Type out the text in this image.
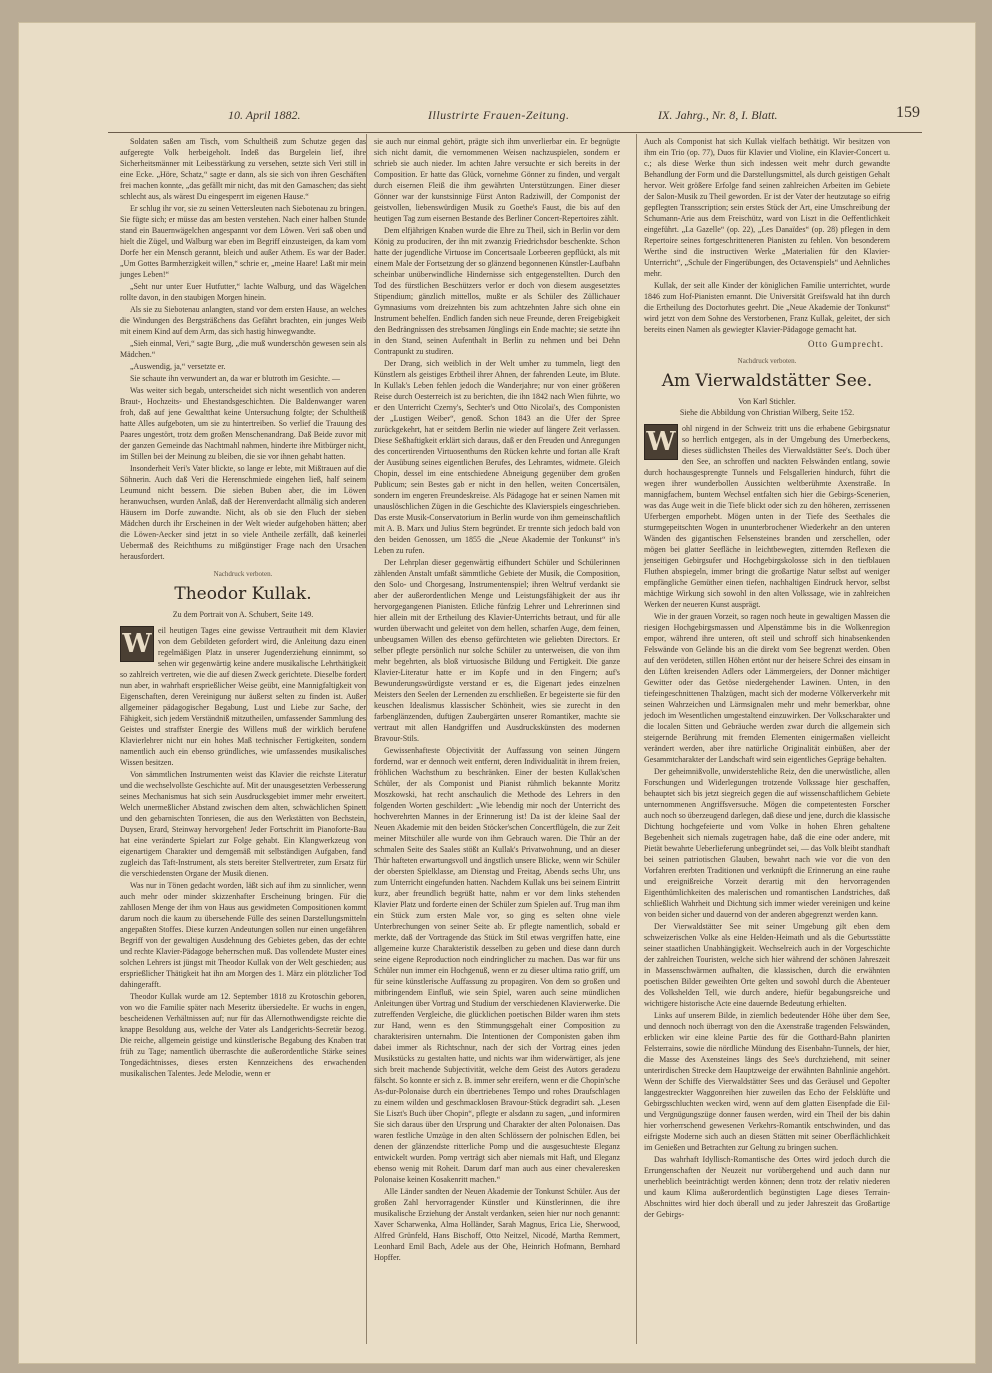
10. April 1882.	Illustrirte Frauen-Zeitung.	IX. Jahrg., Nr. 8, I. Blatt.	159

Soldaten saßen am Tisch, vom Schultheiß zum Schutze gegen das aufgeregte Volk herbeigeholt. Indeß das Burgelein lief, ihre Sicherheitsmänner mit Leibesstärkung zu versehen, setzte sich Veri still in eine Ecke. „Höre, Schatz,“ sagte er dann, als sie sich von ihren Geschäften frei machen konnte, „das gefällt mir nicht, das mit den Gamaschen; das sieht schlecht aus, als wärest Du eingesperrt im eigenen Hause.“

Er schlug ihr vor, sie zu seinen Vettersleuten nach Siebotenau zu bringen. Sie fügte sich; er müsse das am besten verstehen. Nach einer halben Stunde stand ein Bauernwägelchen angespannt vor dem Löwen. Veri saß oben und hielt die Zügel, und Walburg war eben im Begriff einzusteigen, da kam vom Dorfe her ein Mensch gerannt, bleich und außer Athem. Es war der Bader. „Um Gottes Barmherzigkeit willen,“ schrie er, „meine Haare! Laßt mir mein junges Leben!“

„Seht nur unter Euer Hutfutter,“ lachte Walburg, und das Wägelchen rollte davon, in den staubigen Morgen hinein.

Als sie zu Siebotenau anlangten, stand vor dem ersten Hause, an welches die Windungen des Bergsträßchens das Gefährt brachten, ein junges Weib mit einem Kind auf dem Arm, das sich hastig hinwegwandte.

„Sieh einmal, Veri,“ sagte Burg, „die muß wunderschön gewesen sein als Mädchen.“

„Auswendig, ja,“ versetzte er.

Sie schaute ihn verwundert an, da war er blutroth im Gesichte. —

Was weiter sich begab, unterscheidet sich nicht wesentlich von anderen Braut-, Hochzeits- und Ehestandsgeschichten. Die Baldenwanger waren froh, daß auf jene Gewaltthat keine Untersuchung folgte; der Schultheiß hatte Alles aufgeboten, um sie zu hintertreiben. So verlief die Trauung des Paares ungestört, trotz dem großen Menschenandrang. Daß Beide zuvor mit der ganzen Gemeinde das Nachtmahl nahmen, hinderte ihre Mitbürger nicht, im Stillen bei der Meinung zu bleiben, die sie vor ihnen gehabt hatten.

Insonderheit Veri's Vater blickte, so lange er lebte, mit Mißtrauen auf die Söhnerin. Auch daß Veri die Herenschmiede eingehen ließ, half seinem Leumund nicht bessern. Die sieben Buben aber, die im Löwen heranwuchsen, wurden Anlaß, daß der Herenverdacht allmälig sich anderen Häusern im Dorfe zuwandte. Nicht, als ob sie den Fluch der sieben Mädchen durch ihr Erscheinen in der Welt wieder aufgehoben hätten; aber die Löwen-Aecker sind jetzt in so viele Antheile zerfällt, daß keinerlei Uebermaß des Reichthums zu mißgünstiger Frage nach den Ursachen herausfordert.

Nachdruck verboten.
Theodor Kullak.
Zu dem Portrait von A. Schubert, Seite 149.
W eil heutigen Tages eine gewisse Vertrautheit mit dem Klavier von dem Gebildeten gefordert wird, die Anleitung dazu einen regelmäßigen Platz in unserer Jugenderziehung einnimmt, so sehen wir gegenwärtig keine andere musikalische Lehrthätigkeit so zahlreich vertreten, wie die auf diesen Zweck gerichtete. Dieselbe fordert nun aber, in wahrhaft ersprießlicher Weise geübt, eine Mannigfaltigkeit von Eigenschaften, deren Vereinigung nur äußerst selten zu finden ist. Außer allgemeiner pädagogischer Begabung, Lust und Liebe zur Sache, der Fähigkeit, sich jedem Verständniß mitzutheilen, umfassender Sammlung des Geistes und straffster Energie des Willens muß der wirklich berufene Klavierlehrer nicht nur ein hohes Maß technischer Fertigkeiten, sondern namentlich auch ein ebenso gründliches, wie umfassendes musikalisches Wissen besitzen.

Von sämmtlichen Instrumenten weist das Klavier die reichste Literatur und die wechselvollste Geschichte auf. Mit der unausgesetzten Verbesserung seines Mechanismus hat sich sein Ausdrucksgebiet immer mehr erweitert. Welch unermeßlicher Abstand zwischen dem alten, schwächlichen Spinett und den gebarnischten Tonriesen, die aus den Werkstätten von Bechstein, Duysen, Erard, Steinway hervorgehen! Jeder Fortschritt im Pianoforte-Bau hat eine veränderte Spielart zur Folge gehabt. Ein Klangwerkzeug von eigenartigem Charakter und demgemäß mit selbständigen Aufgaben, fand zugleich das Taft-Instrument, als stets bereiter Stellvertreter, zum Ersatz für die verschiedensten Organe der Musik dienen.

Was nur in Tönen gedacht worden, läßt sich auf ihm zu sinnlicher, wenn auch mehr oder minder skizzenhafter Erscheinung bringen. Für die zahllosen Menge der ihm von Haus aus gewidmeten Compositionen kommt darum noch die kaum zu übersehende Fülle des seinen Darstellungsmitteln angepaßten Stoffes. Diese kurzen Andeutungen sollen nur einen ungefähren Begriff von der gewaltigen Ausdehnung des Gebietes geben, das der echte und rechte Klavier-Pädagoge beherrschen muß. Das vollendete Muster eines solchen Lehrers ist jüngst mit Theodor Kullak von der Welt geschieden; aus ersprießlicher Thätigkeit hat ihn am Morgen des 1. März ein plötzlicher Tod dahingerafft.

Theodor Kullak wurde am 12. September 1818 zu Krotoschin geboren, von wo die Familie später nach Meseritz übersiedelte. Er wuchs in engen, bescheidenen Verhältnissen auf; nur für das Allernothwendigste reichte die knappe Besoldung aus, welche der Vater als Landgerichts-Secretär bezog. Die reiche, allgemein geistige und künstlerische Begabung des Knaben trat früh zu Tage; namentlich überraschte die außerordentliche Stärke seines Tongedächtnisses, dieses ersten Kennzeichens des erwachenden musikalischen Talentes. Jede Melodie, wenn er

sie auch nur einmal gehört, prägte sich ihm unverlierbar ein. Er begnügte sich nicht damit, die vernommenen Weisen nachzuspielen, sondern er schrieb sie auch nieder. Im achten Jahre versuchte er sich bereits in der Composition. Er hatte das Glück, vornehme Gönner zu finden, und vergalt durch eisernen Fleiß die ihm gewährten Unterstützungen. Einer dieser Gönner war der kunstsinnige Fürst Anton Radziwill, der Componist der geistvollen, liebenswürdigen Musik zu Goethe's Faust, die bis auf den heutigen Tag zum eisernen Bestande des Berliner Concert-Repertoires zählt.

Dem elfjährigen Knaben wurde die Ehre zu Theil, sich in Berlin vor dem König zu produciren, der ihn mit zwanzig Friedrichsdor beschenkte. Schon hatte der jugendliche Virtuose im Concertsaale Lorbeeren gepflückt, als mit einem Male der Fortsetzung der so glänzend begonnenen Künstler-Laufbahn scheinbar unüberwindliche Hindernisse sich entgegenstellten. Durch den Tod des fürstlichen Beschützers verlor er doch von diesem ausgesetztes Stipendium; gänzlich mittellos, mußte er als Schüler des Züllichauer Gymnasiums vom dreizehnten bis zum achtzehnten Jahre sich ohne ein Instrument behelfen. Endlich fanden sich neue Freunde, deren Freigebigkeit den Bedrängnissen des strebsamen Jünglings ein Ende machte; sie setzte ihn in den Stand, seinen Aufenthalt in Berlin zu nehmen und bei Dehn Contrapunkt zu studiren.

Der Drang, sich weiblich in der Welt umher zu tummeln, liegt den Künstlern als geistiges Erbtheil ihrer Ahnen, der fahrenden Leute, im Blute. In Kullak's Leben fehlen jedoch die Wanderjahre; nur von einer größeren Reise durch Oesterreich ist zu berichten, die ihn 1842 nach Wien führte, wo er den Unterricht Czerny's, Sechter's und Otto Nicolai's, des Componisten der „Lustigen Weiber“, genoß. Schon 1843 an die Ufer der Spree zurückgekehrt, hat er seitdem Berlin nie wieder auf längere Zeit verlassen. Diese Seßhaftigkeit erklärt sich daraus, daß er den Freuden und Anregungen des concertirenden Virtuosenthums den Rücken kehrte und fortan alle Kraft der Ausübung seines eigentlichen Berufes, des Lehramtes, widmete. Gleich Chopin, dessel im eine entschiedene Abneigung gegenüber dem großen Publicum; sein Bestes gab er nicht in den hellen, weiten Concertsälen, sondern im engeren Freundeskreise. Als Pädagoge hat er seinen Namen mit unauslöschlichen Zügen in die Geschichte des Klavierspiels eingeschrieben. Das erste Musik-Conservatorium in Berlin wurde von ihm gemeinschaftlich mit A. B. Marx und Julius Stern begründet. Er trennte sich jedoch bald von den beiden Genossen, um 1855 die „Neue Akademie der Tonkunst“ in's Leben zu rufen.

Der Lehrplan dieser gegenwärtig eifhundert Schüler und Schülerinnen zählenden Anstalt umfaßt sämmtliche Gebiete der Musik, die Composition, den Solo- und Chorgesang, Instrumentenspiel; ihren Weltruf verdankt sie aber der außerordentlichen Menge und Leistungsfähigkeit der aus ihr hervorgegangenen Pianisten. Etliche fünfzig Lehrer und Lehrerinnen sind hier allein mit der Ertheilung des Klavier-Unterrichts betraut, und für alle wurden überwacht und geleitet von dem hellen, scharfen Auge, dem feinen, unbeugsamen Willen des ebenso gefürchteten wie geliebten Directors. Er selber pflegte persönlich nur solche Schüler zu unterweisen, die von ihm mehr begehrten, als bloß virtuosische Bildung und Fertigkeit. Die ganze Klavier-Literatur hatte er im Kopfe und in den Fingern; auf's Bewunderungswürdigste verstand er es, die Eigenart jedes einzelnen Meisters den Seelen der Lernenden zu erschließen. Er begeisterte sie für den keuschen Idealismus klassischer Schönheit, wies sie zurecht in den farbenglänzenden, duftigen Zaubergärten unserer Romantiker, machte sie vertraut mit allen Handgriffen und Ausdruckskünsten des modernen Bravour-Stils.

Gewissenhafteste Objectivität der Auffassung von seinen Jüngern fordernd, war er dennoch weit entfernt, deren Individualität in ihrem freien, fröhlichen Wachsthum zu beschränken. Einer der besten Kullak'schen Schüler, der als Componist und Pianist rühmlich bekannte Moritz Moszkowski, hat recht anschaulich die Methode des Lehrers in den folgenden Worten geschildert: „Wie lebendig mir noch der Unterricht des hochverehrten Mannes in der Erinnerung ist! Da ist der kleine Saal der Neuen Akademie mit den beiden Stöcker'schen Concertflügeln, die zur Zeit meiner Mitschüler alle wurde von ihm Gebrauch waren. Die Thür an der schmalen Seite des Saales stößt an Kullak's Privatwohnung, und an dieser Thür hafteten erwartungsvoll und ängstlich unsere Blicke, wenn wir Schüler der obersten Spielklasse, am Dienstag und Freitag, Abends sechs Uhr, uns zum Unterricht eingefunden hatten. Nachdem Kullak uns bei seinem Eintritt kurz, aber freundlich begrüßt hatte, nahm er vor dem links stehenden Klavier Platz und forderte einen der Schüler zum Spielen auf. Trug man ihm ein Stück zum ersten Male vor, so ging es selten ohne viele Unterbrechungen von seiner Seite ab. Er pflegte namentlich, sobald er merkte, daß der Vortragende das Stück im Stil etwas vergriffen hatte, eine allgemeine kurze Charakteristik desselben zu geben und diese dann durch seine eigene Reproduction noch eindringlicher zu machen. Das war für uns Schüler nun immer ein Hochgenuß, wenn er zu dieser ultima ratio griff, um für seine künstlerische Auffassung zu propagiren. Von dem so großen und mitbringendem Einfluß, wie sein Spiel, waren auch seine mündlichen Anleitungen über Vortrag und Studium der verschiedenen Klavierwerke. Die zutreffenden Vergleiche, die glücklichen poetischen Bilder waren ihm stets zur Hand, wenn es den Stimmungsgehalt einer Composition zu charakterisiren unternahm. Die Intentionen der Componisten gaben ihm dabei immer als Richtschnur, nach der sich der Vortrag eines jeden Musikstücks zu gestalten hatte, und nichts war ihm widerwärtiger, als jene sich breit machende Subjectivität, welche dem Geist des Autors geradezu fälscht. So konnte er sich z. B. immer sehr ereifern, wenn er die Chopin'sche As-dur-Polonaise durch ein übertriebenes Tempo und rohes Draufschlagen zu einem wilden und geschmacklosen Bravour-Stück degradirt sah. „Lesen Sie Liszt's Buch über Chopin“, pflegte er alsdann zu sagen, „und informiren Sie sich daraus über den Ursprung und Charakter der alten Polonaisen. Das waren festliche Umzüge in den alten Schlössern der polnischen Edlen, bei denen der glänzendste ritterliche Pomp und die ausgesuchteste Eleganz entwickelt wurden. Pomp verträgt sich aber niemals mit Haft, und Eleganz ebenso wenig mit Roheit. Darum darf man auch aus einer chevaleresken Polonaise keinen Kosakenritt machen.“

Alle Länder sandten der Neuen Akademie der Tonkunst Schüler. Aus der großen Zahl hervorragender Künstler und Künstlerinnen, die ihre musikalische Erziehung der Anstalt verdanken, seien hier nur noch genannt: Xaver Scharwenka, Alma Holländer, Sarah Magnus, Erica Lie, Sherwood, Alfred Grünfeld, Hans Bischoff, Otto Neitzel, Nicodé, Martha Remmert, Leonhard Emil Bach, Adele aus der Ohe, Heinrich Hofmann, Bernhard Hopffer.

Auch als Componist hat sich Kullak vielfach bethätigt. Wir besitzen von ihm ein Trio (op. 77), Duos für Klavier und Violine, ein Klavier-Concert u. c.; als diese Werke thun sich indessen weit mehr durch gewandte Behandlung der Form und die Darstellungsmittel, als durch geistigen Gehalt hervor. Weit größere Erfolge fand seinen zahlreichen Arbeiten im Gebiete der Salon-Musik zu Theil geworden. Er ist der Vater der heutzutage so eifrig gepflegten Transscription; sein erstes Stück der Art, eine Umschreibung der Schumann-Arie aus dem Freischütz, ward von Liszt in die Oeffentlichkeit eingeführt. „La Gazelle“ (op. 22), „Les Danaïdes“ (op. 28) pflegen in dem Repertoire seines fortgeschritteneren Pianisten zu fehlen. Von besonderem Werthe sind die instructiven Werke „Materialien für den Klavier-Unterricht“, „Schule der Fingerübungen, des Octavenspiels“ und Aehnliches mehr.

Kullak, der seit alle Kinder der königlichen Familie unterrichtet, wurde 1846 zum Hof-Pianisten ernannt. Die Universität Greifswald hat ihn durch die Ertheilung des Doctorhutes geehrt. Die „Neue Akademie der Tonkunst“ wird jetzt von dem Sohne des Verstorbenen, Franz Kullak, geleitet, der sich bereits einen Namen als gewiegter Klavier-Pädagoge gemacht hat.

Otto Gumprecht.
Nachdruck verboten.
Am Vierwaldstätter See.
Von Karl Stichler.
Siehe die Abbildung von Christian Wilberg, Seite 152.
W ohl nirgend in der Schweiz tritt uns die erhabene Gebirgsnatur so herrlich entgegen, als in der Umgebung des Urnerbeckens, dieses südlichsten Theiles des Vierwaldstätter See's. Doch über den See, an schroffen und nackten Felswänden entlang, sowie durch hochausgesprengte Tunnels und Felsgallerien hindurch, führt die wegen ihrer wunderbollen Aussichten weltberühmte Axenstraße. In mannigfachem, buntem Wechsel entfalten sich hier die Gebirgs-Scenerien, was das Auge weit in die Tiefe blickt oder sich zu den höheren, zerrissenen Uferbergen emporhebt. Mögen unten in der Tiefe des Seethales die sturmgepeitschten Wogen in ununterbrochener Wiederkehr an den unteren Wänden des gigantischen Felsensteines branden und zerschellen, oder mögen bei glatter Seefläche in leichtbewegten, zitternden Reflexen die jenseitigen Gebirgsufer und Hochgebirgskolosse sich in den tiefblauen Fluthen abspiegeln, immer bringt die großartige Natur selbst auf weniger empfängliche Gemüther einen tiefen, nachhaltigen Eindruck hervor, selbst mächtige Wirkung sich sowohl in den alten Volkssage, wie in zahlreichen Werken der neueren Kunst ausprägt.

Wie in der grauen Vorzeit, so ragen noch heute in gewaltigen Massen die riesigen Hochgebirgsmassen und Alpenstämme bis in die Wolkenregion empor, während ihre unteren, oft steil und schroff sich hinabsenkenden Felswände von Gelände bis an die direkt vom See begrenzt werden. Oben auf den verödeten, stillen Höhen ertönt nur der heisere Schrei des einsam in den Lüften kreisenden Adlers oder Lämmergeiers, der Donner mächtiger Gewitter oder das Getöse niedergehender Lawinen. Unten, in den tiefeingeschnittenen Thalzügen, macht sich der moderne Völkerverkehr mit seinen Wahrzeichen und Lärmsignalen mehr und mehr bemerkbar, ohne jedoch im Wesentlichen umgestaltend einzuwirken. Der Volkscharakter und die localen Sitten und Gebräuche werden zwar durch die allgemein sich steigernde Berührung mit fremden Elementen einigermaßen vielleicht verändert werden, aber ihre natürliche Originalität einbüßen, aber der Gesammtcharakter der Landschaft wird sein eigentliches Gepräge behalten.

Der geheimnißvolle, unwiderstehliche Reiz, den die unerwüstliche, allen Forschungen und Widerlegungen trotzende Volkssage hier geschaffen, behauptet sich bis jetzt siegreich gegen die auf wissenschaftlichem Gebiete unternommenen Angriffsversuche. Mögen die competentesten Forscher auch noch so überzeugend darlegen, daß diese und jene, durch die klassische Dichtung hochgefeierte und vom Volke in hohen Ehren gehaltene Begebenheit sich niemals zugetragen habe, daß die eine oder andere, mit Pietät bewahrte Ueberlieferung unbegründet sei, — das Volk bleibt standhaft bei seinen patriotischen Glauben, bewahrt nach wie vor die von den Vorfahren ererbten Traditionen und verknüpft die Erinnerung an eine rauhe und ereignißreiche Vorzeit derartig mit den hervorragenden Eigenthümlichkeiten des malerischen und romantischen Landstriches, daß schließlich Wahrheit und Dichtung sich immer wieder vereinigen und keine von beiden sicher und dauernd von der anderen abgegrenzt werden kann.

Der Vierwaldstätter See mit seiner Umgebung gilt eben dem schweizerischen Volke als eine Helden-Heimath und als die Geburtsstätte seiner staatlichen Unabhängigkeit. Wechselreich auch in der Vorgeschichte der zahlreichen Touristen, welche sich hier während der schönen Jahreszeit in Massenschwärmen aufhalten, die klassischen, durch die erwähnten poetischen Bilder geweihten Orte gelten und sowohl durch die Abenteuer des Volkshelden Tell, wie durch andere, hiefür begabungsreiche und wichtigere historische Acte eine dauernde Bedeutung erhielten.

Links auf unserem Bilde, in ziemlich bedeutender Höhe über dem See, und dennoch noch überragt von den die Axenstraße tragenden Felswänden, erblicken wir eine kleine Partie des für die Gotthard-Bahn planirten Felsterrains, sowie die nördliche Mündung des Eisenbahn-Tunnels, der hier, die Masse des Axensteines längs des See's durchziehend, mit seiner unterirdischen Strecke dem Hauptzweige der erwähnten Bahnlinie angehört. Wenn der Schiffe des Vierwaldstätter Sees und das Geräusel und Gepolter langgestreckter Waggonreihen hier zuweilen das Echo der Felsklüfte und Gebirgsschluchten wecken wird, wenn auf dem glatten Eisenpfade die Eil- und Vergnügungszüge donner fausen werden, wird ein Theil der bis dahin hier vorherrschend gewesenen Verkehrs-Romantik entschwinden, und das eifrigste Moderne sich auch an diesen Stätten mit seiner Oberflächlichkeit im Genießen und Betrachten zur Geltung zu bringen suchen.

Das wahrhaft Idyllisch-Romantische des Ortes wird jedoch durch die Errungenschaften der Neuzeit nur vorübergehend und auch dann nur unerheblich beeinträchtigt werden können; denn trotz der relativ niederen und kaum Klima außerordentlich begünstigten Lage dieses Terrain-Abschnittes wird hier doch überall und zu jeder Jahreszeit das Großartige der Gebirgs-
